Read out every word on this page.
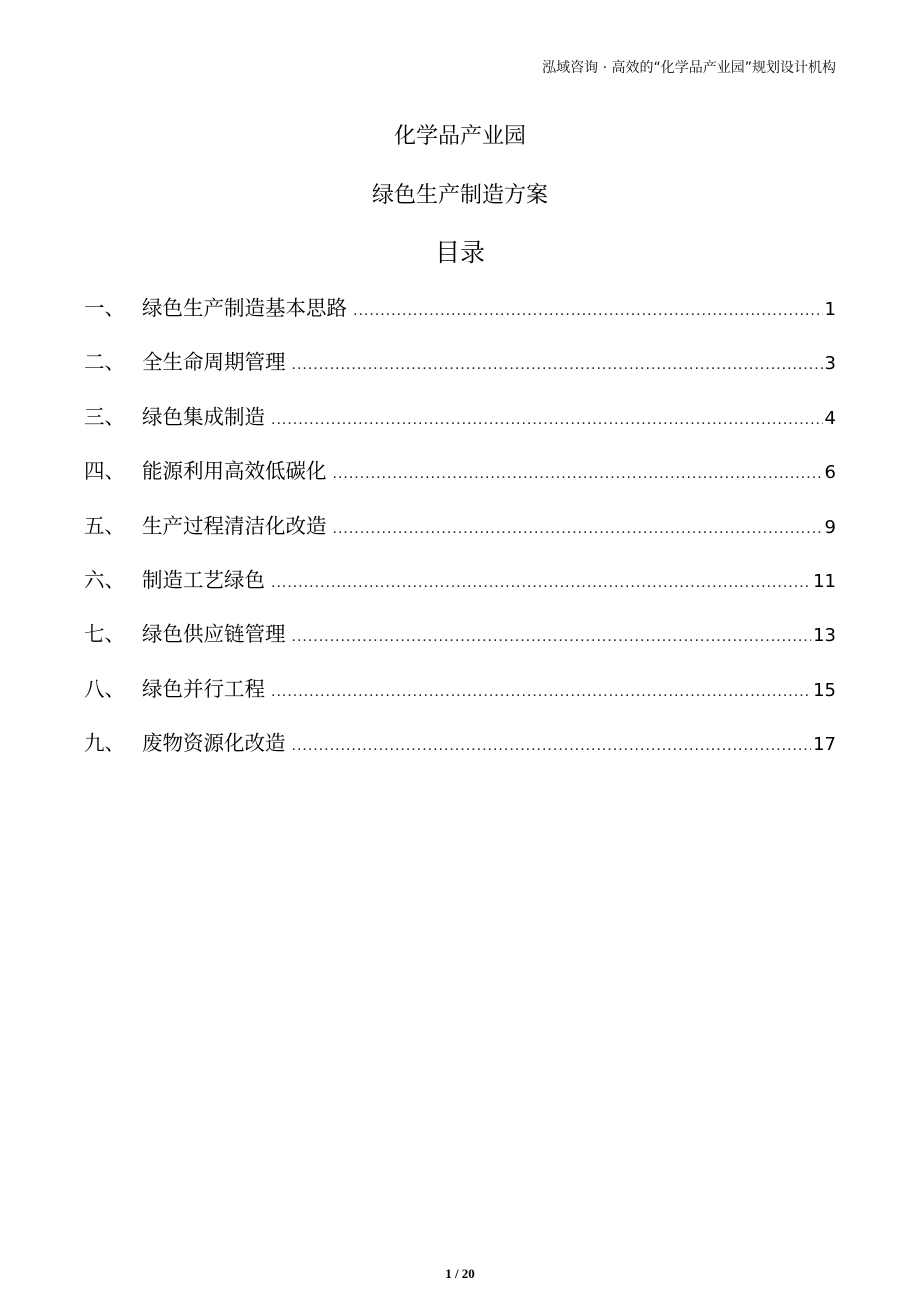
泓域咨询 · 高效的“化学品产业园”规划设计机构
化学品产业园
绿色生产制造方案
目录
一、 绿色生产制造基本思路 .....	1
二、 全生命周期管理 .....	3
三、 绿色集成制造 .....	4
四、 能源利用高效低碳化 .....	6
五、 生产过程清洁化改造 .....	9
六、 制造工艺绿色 .....	11
七、 绿色供应链管理 .....	13
八、 绿色并行工程 .....	15
九、 废物资源化改造 .....	17
1 / 20
